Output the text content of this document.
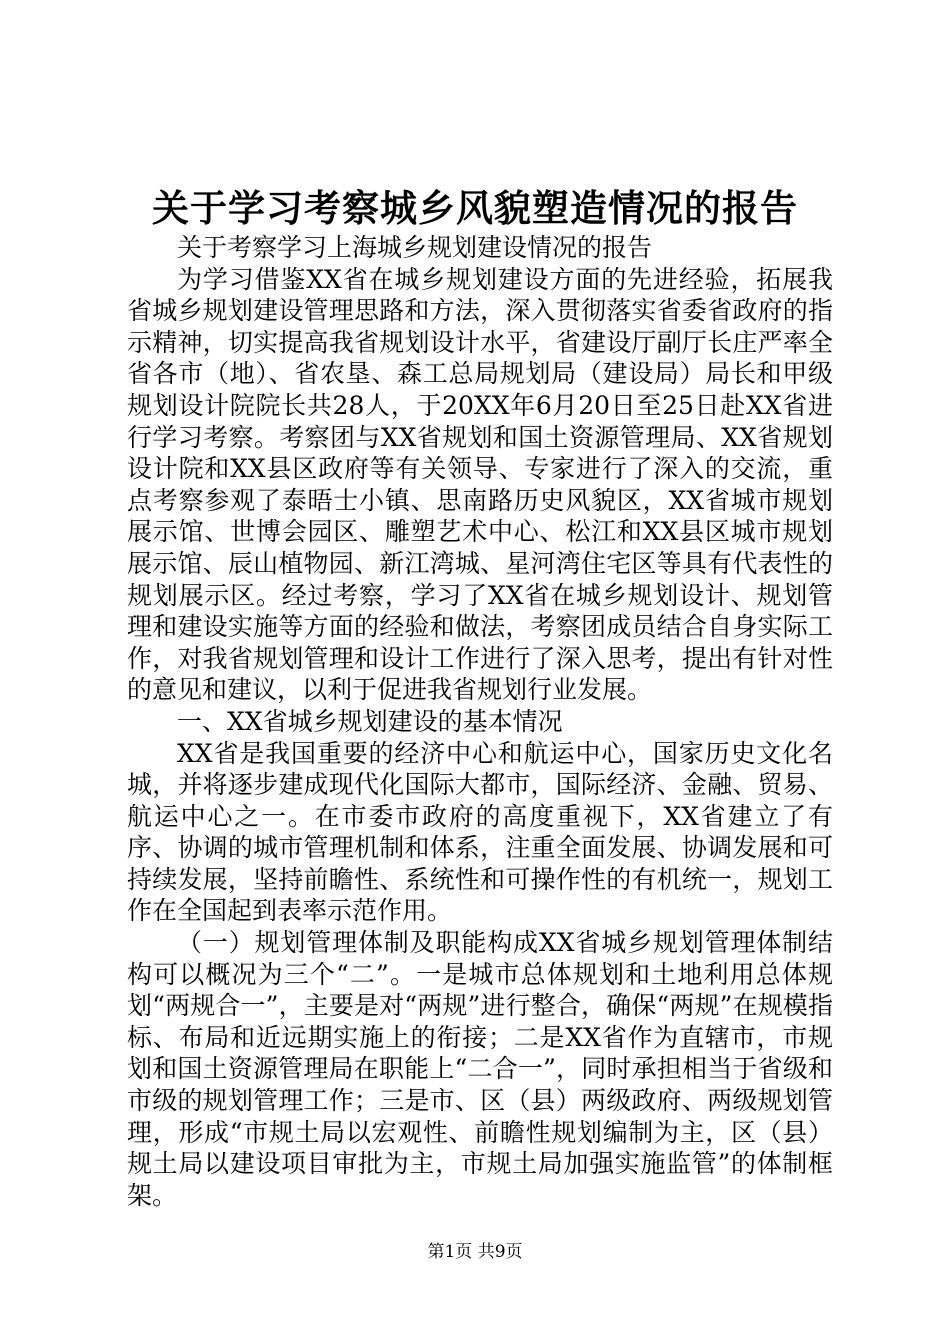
关于学习考察城乡风貌塑造情况的报告

关于考察学习上海城乡规划建设情况的报告

为学习借鉴XX省在城乡规划建设方面的先进经验，拓展我省城乡规划建设管理思路和方法，深入贯彻落实省委省政府的指示精神，切实提高我省规划设计水平，省建设厅副厅长庄严率全省各市（地）、省农垦、森工总局规划局（建设局）局长和甲级规划设计院院长共28人，于20XX年6月20日至25日赴XX省进行学习考察。考察团与XX省规划和国土资源管理局、XX省规划设计院和XX县区政府等有关领导、专家进行了深入的交流，重点考察参观了泰晤士小镇、思南路历史风貌区，XX省城市规划展示馆、世博会园区、雕塑艺术中心、松江和XX县区城市规划展示馆、辰山植物园、新江湾城、星河湾住宅区等具有代表性的规划展示区。经过考察，学习了XX省在城乡规划设计、规划管理和建设实施等方面的经验和做法，考察团成员结合自身实际工作，对我省规划管理和设计工作进行了深入思考，提出有针对性的意见和建议，以利于促进我省规划行业发展。

一、XX省城乡规划建设的基本情况

XX省是我国重要的经济中心和航运中心，国家历史文化名城，并将逐步建成现代化国际大都市，国际经济、金融、贸易、航运中心之一。在市委市政府的高度重视下，XX省建立了有序、协调的城市管理机制和体系，注重全面发展、协调发展和可持续发展，坚持前瞻性、系统性和可操作性的有机统一，规划工作在全国起到表率示范作用。

（一）规划管理体制及职能构成XX省城乡规划管理体制结构可以概况为三个“二”。一是城市总体规划和土地利用总体规划“两规合一”，主要是对“两规”进行整合，确保“两规”在规模指标、布局和近远期实施上的衔接；二是XX省作为直辖市，市规划和国土资源管理局在职能上“二合一”，同时承担相当于省级和市级的规划管理工作；三是市、区（县）两级政府、两级规划管理，形成“市规土局以宏观性、前瞻性规划编制为主，区（县）规土局以建设项目审批为主，市规土局加强实施监管”的体制框架。

第1页 共9页
